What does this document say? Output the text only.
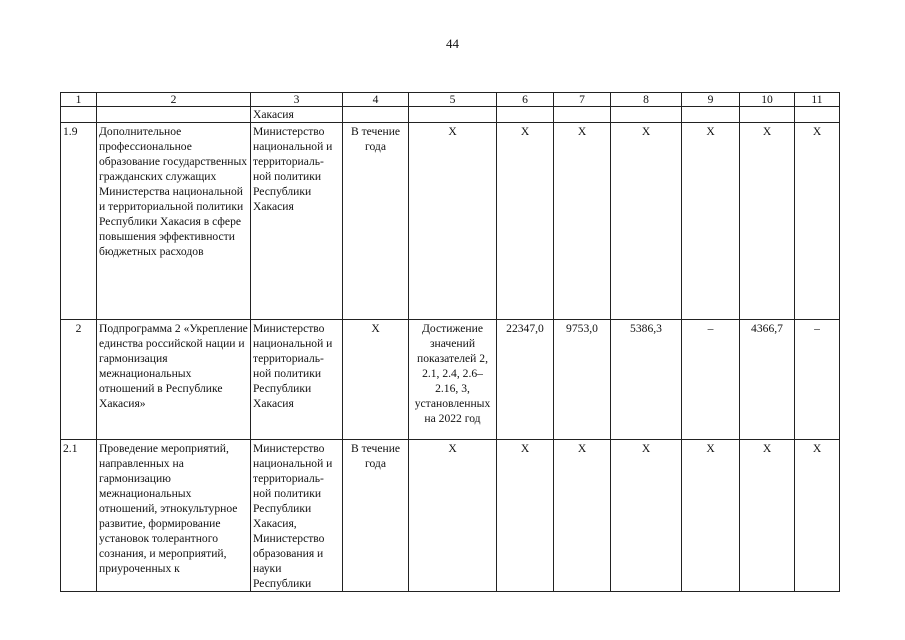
44
1	2	3	4	5	6	7	8	9	10	11
		Хакасия								
1.9	Дополнительное профессиональное образование государственных гражданских служащих Министерства национальной и территориальной политики Республики Хакасия в сфере повышения эффективности бюджетных расходов	Министерство национальной и территориаль-ной политики Республики Хакасия	В течение года	Х	Х	Х	Х	Х	Х	Х
2	Подпрограмма 2 «Укрепление единства российской нации и гармонизация межнациональных отношений в Республике Хакасия»	Министерство национальной и территориаль-ной политики Республики Хакасия	Х	Достижение значений показателей 2, 2.1, 2.4, 2.6–2.16, 3, установленных на 2022 год	22347,0	9753,0	5386,3	–	4366,7	–
2.1	Проведение мероприятий, направленных на гармонизацию межнациональных отношений, этнокультурное развитие, формирование установок толерантного сознания, и мероприятий, приуроченных к	Министерство национальной и территориаль-ной политики Республики Хакасия, Министерство образования и науки Республики	В течение года	Х	Х	Х	Х	Х	Х	Х
